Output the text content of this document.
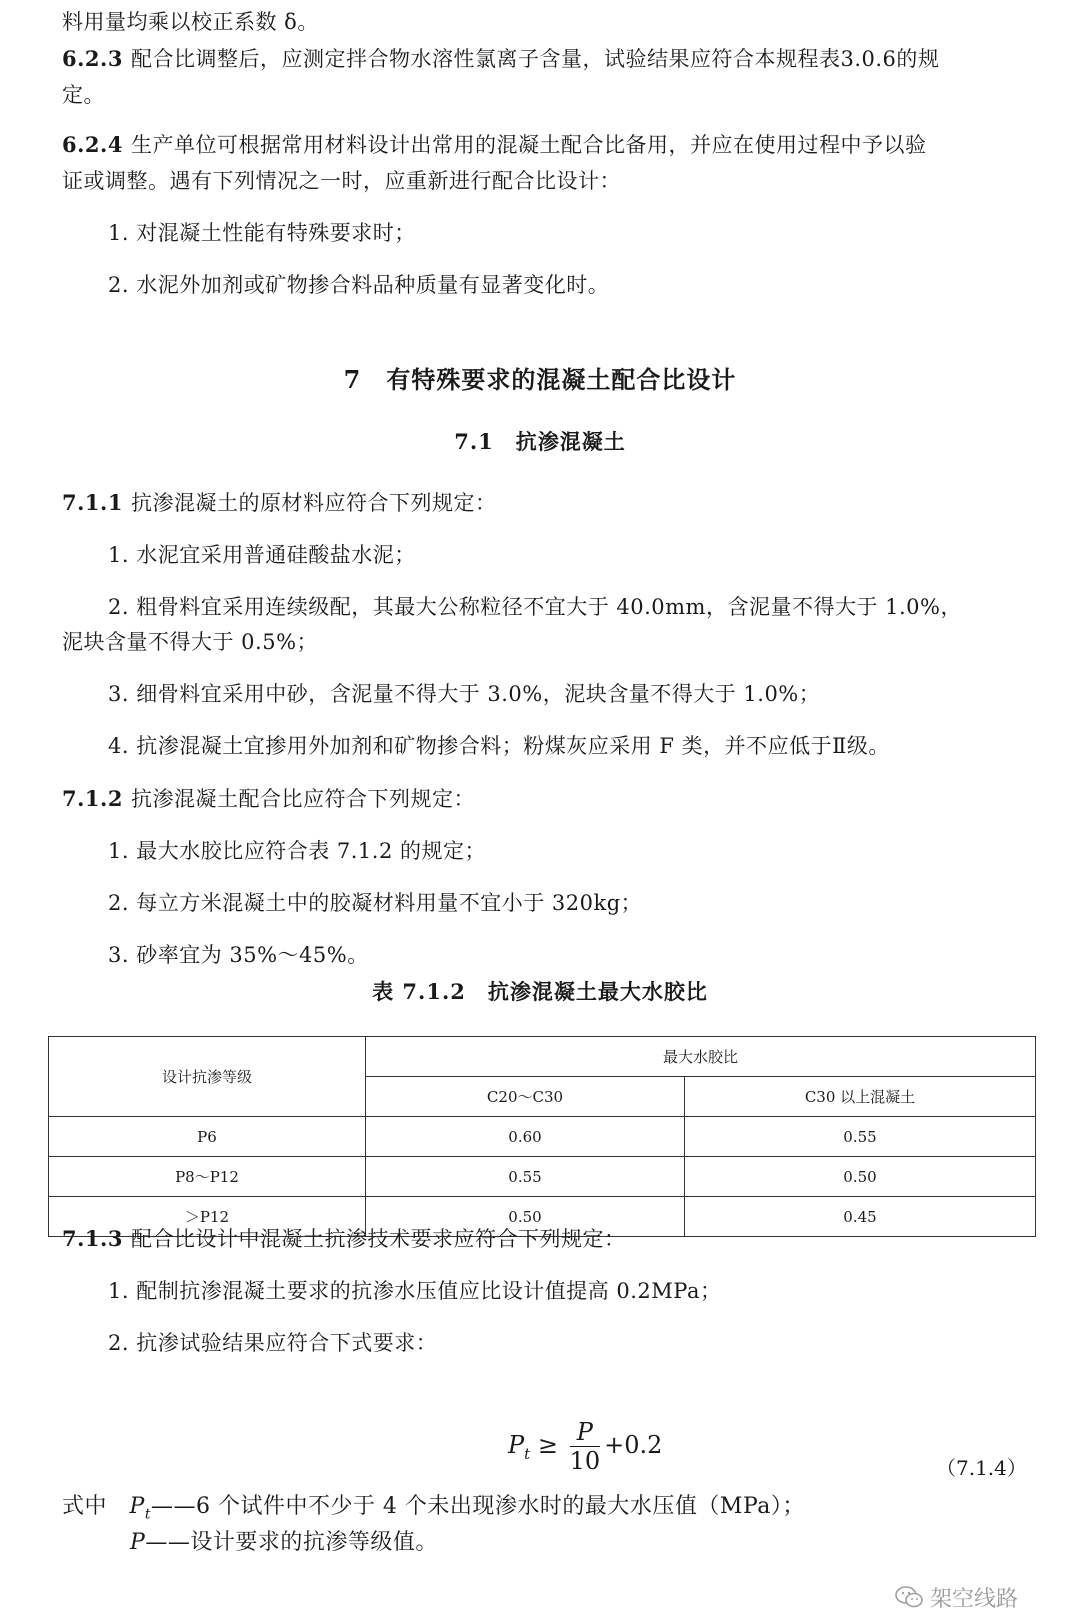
料用量均乘以校正系数 δ。
6.2.3 配合比调整后，应测定拌合物水溶性氯离子含量，试验结果应符合本规程表3.0.6的规
定。
6.2.4 生产单位可根据常用材料设计出常用的混凝土配合比备用，并应在使用过程中予以验
证或调整。遇有下列情况之一时，应重新进行配合比设计：
1. 对混凝土性能有特殊要求时；
2. 水泥外加剂或矿物掺合料品种质量有显著变化时。
7　有特殊要求的混凝土配合比设计
7.1　抗渗混凝土
7.1.1 抗渗混凝土的原材料应符合下列规定：
1. 水泥宜采用普通硅酸盐水泥；
2. 粗骨料宜采用连续级配，其最大公称粒径不宜大于 40.0mm，含泥量不得大于 1.0%，
泥块含量不得大于 0.5%；
3. 细骨料宜采用中砂，含泥量不得大于 3.0%，泥块含量不得大于 1.0%；
4. 抗渗混凝土宜掺用外加剂和矿物掺合料；粉煤灰应采用 F 类，并不应低于Ⅱ级。
7.1.2 抗渗混凝土配合比应符合下列规定：
1. 最大水胶比应符合表 7.1.2 的规定；
2. 每立方米混凝土中的胶凝材料用量不宜小于 320kg；
3. 砂率宜为 35%～45%。
表 7.1.2　抗渗混凝土最大水胶比
设计抗渗等级	最大水胶比	
	C20～C30	C30 以上混凝土
P6	0.60	0.55
P8～P12	0.55	0.50
＞P12	0.50	0.45
7.1.3 配合比设计中混凝土抗渗技术要求应符合下列规定：
1. 配制抗渗混凝土要求的抗渗水压值应比设计值提高 0.2MPa；
2. 抗渗试验结果应符合下式要求：
$P_t \ge \frac{P}{10} +0.2$
（7.1.4）
式中 $P_t——6$ 个试件中不少于 4 个未出现渗水时的最大水压值（MPa）；
P——设计要求的抗渗等级值。
架空线路
